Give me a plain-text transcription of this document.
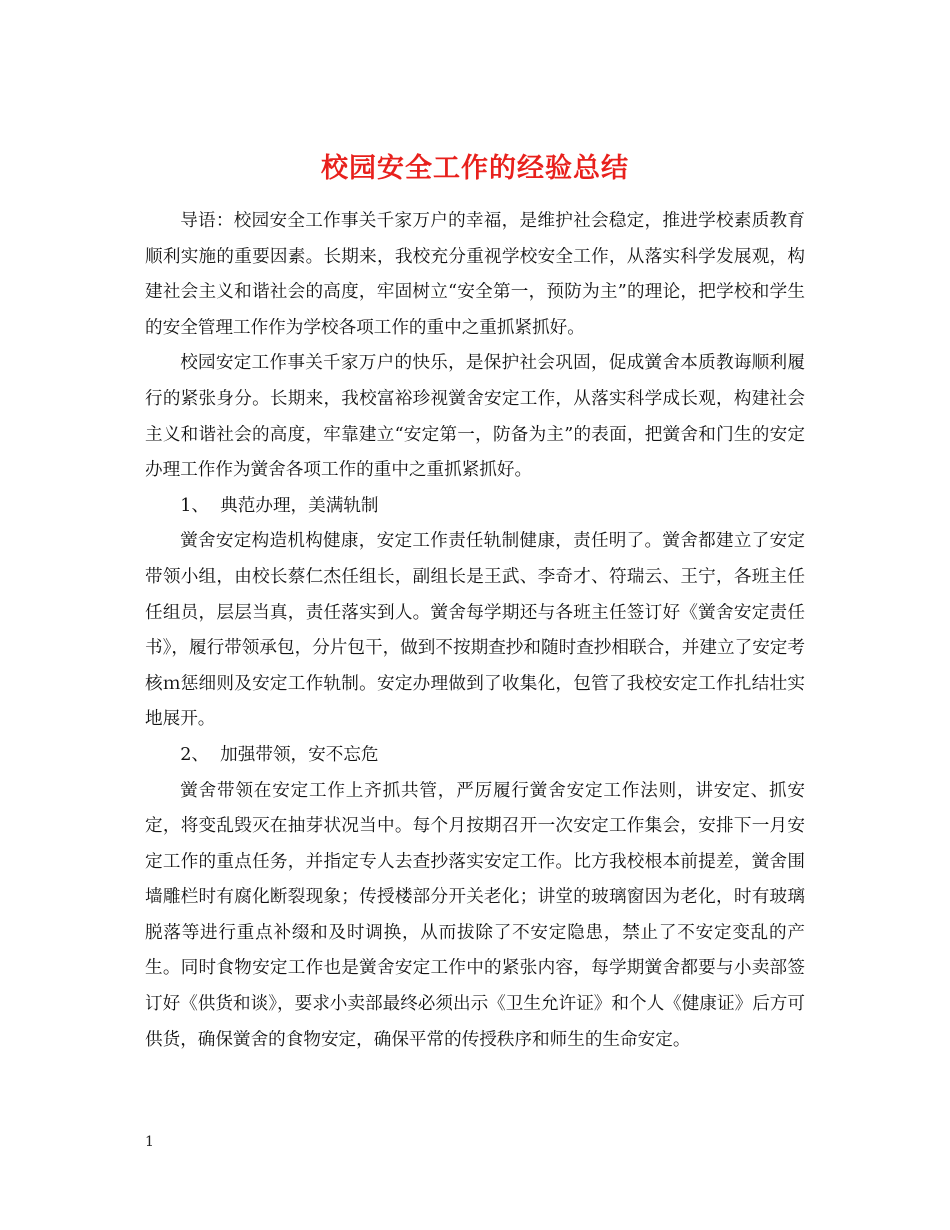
校园安全工作的经验总结

导语：校园安全工作事关千家万户的幸福，是维护社会稳定，推进学校素质教育顺利实施的重要因素。长期来，我校充分重视学校安全工作，从落实科学发展观，构建社会主义和谐社会的高度，牢固树立“安全第一，预防为主”的理论，把学校和学生的安全管理工作作为学校各项工作的重中之重抓紧抓好。

校园安定工作事关千家万户的快乐，是保护社会巩固，促成黉舍本质教诲顺利履行的紧张身分。长期来，我校富裕珍视黉舍安定工作，从落实科学成长观，构建社会主义和谐社会的高度，牢靠建立“安定第一，防备为主”的表面，把黉舍和门生的安定办理工作作为黉舍各项工作的重中之重抓紧抓好。

1、  典范办理，美满轨制

黉舍安定构造机构健康，安定工作责任轨制健康，责任明了。黉舍都建立了安定带领小组，由校长蔡仁杰任组长，副组长是王武、李奇才、符瑞云、王宁，各班主任任组员，层层当真，责任落实到人。黉舍每学期还与各班主任签订好《黉舍安定责任书》，履行带领承包，分片包干，做到不按期查抄和随时查抄相联合，并建立了安定考核ｍ惩细则及安定工作轨制。安定办理做到了收集化，包管了我校安定工作扎结壮实地展开。

2、  加强带领，安不忘危

黉舍带领在安定工作上齐抓共管，严厉履行黉舍安定工作法则，讲安定、抓安定，将变乱毁灭在抽芽状况当中。每个月按期召开一次安定工作集会，安排下一月安定工作的重点任务，并指定专人去查抄落实安定工作。比方我校根本前提差，黉舍围墙雕栏时有腐化断裂现象；传授楼部分开关老化；讲堂的玻璃窗因为老化，时有玻璃脱落等进行重点补缀和及时调换，从而拔除了不安定隐患，禁止了不安定变乱的产生。同时食物安定工作也是黉舍安定工作中的紧张内容，每学期黉舍都要与小卖部签订好《供货和谈》，要求小卖部最终必须出示《卫生允许证》和个人《健康证》后方可供货，确保黉舍的食物安定，确保平常的传授秩序和师生的生命安定。

1
